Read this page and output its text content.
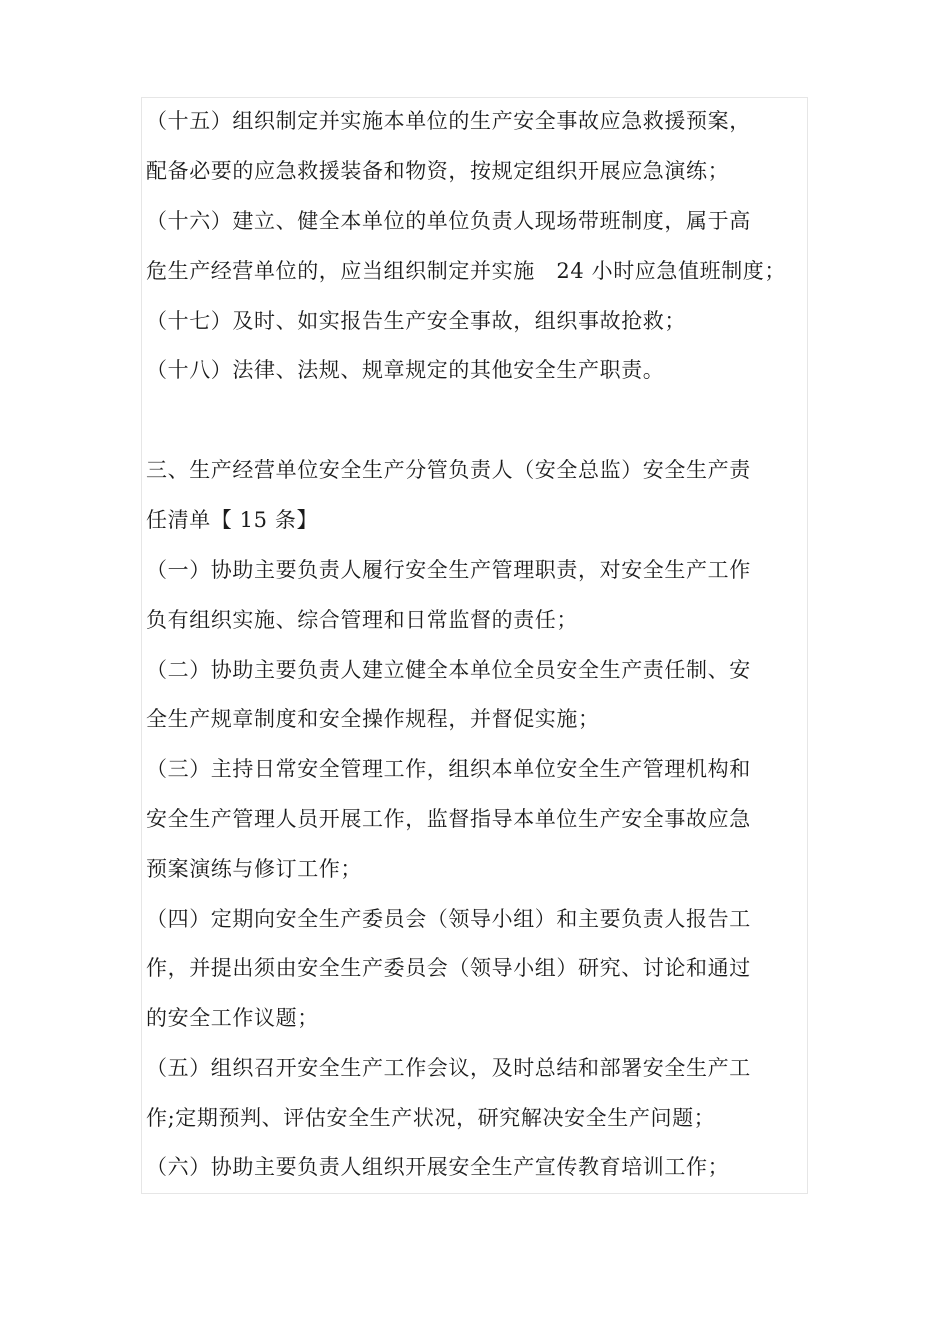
（十五）组织制定并实施本单位的生产安全事故应急救援预案，
配备必要的应急救援装备和物资，按规定组织开展应急演练；
（十六）建立、健全本单位的单位负责人现场带班制度，属于高
危生产经营单位的，应当组织制定并实施　24 小时应急值班制度；
（十七）及时、如实报告生产安全事故，组织事故抢救；
（十八）法律、法规、规章规定的其他安全生产职责。
三、生产经营单位安全生产分管负责人（安全总监）安全生产责
任清单【 15 条】
（一）协助主要负责人履行安全生产管理职责，对安全生产工作
负有组织实施、综合管理和日常监督的责任；
（二）协助主要负责人建立健全本单位全员安全生产责任制、安
全生产规章制度和安全操作规程，并督促实施；
（三）主持日常安全管理工作，组织本单位安全生产管理机构和
安全生产管理人员开展工作，监督指导本单位生产安全事故应急
预案演练与修订工作；
（四）定期向安全生产委员会（领导小组）和主要负责人报告工
作，并提出须由安全生产委员会（领导小组）研究、讨论和通过
的安全工作议题；
（五）组织召开安全生产工作会议，及时总结和部署安全生产工
作;定期预判、评估安全生产状况，研究解决安全生产问题；
（六）协助主要负责人组织开展安全生产宣传教育培训工作；
